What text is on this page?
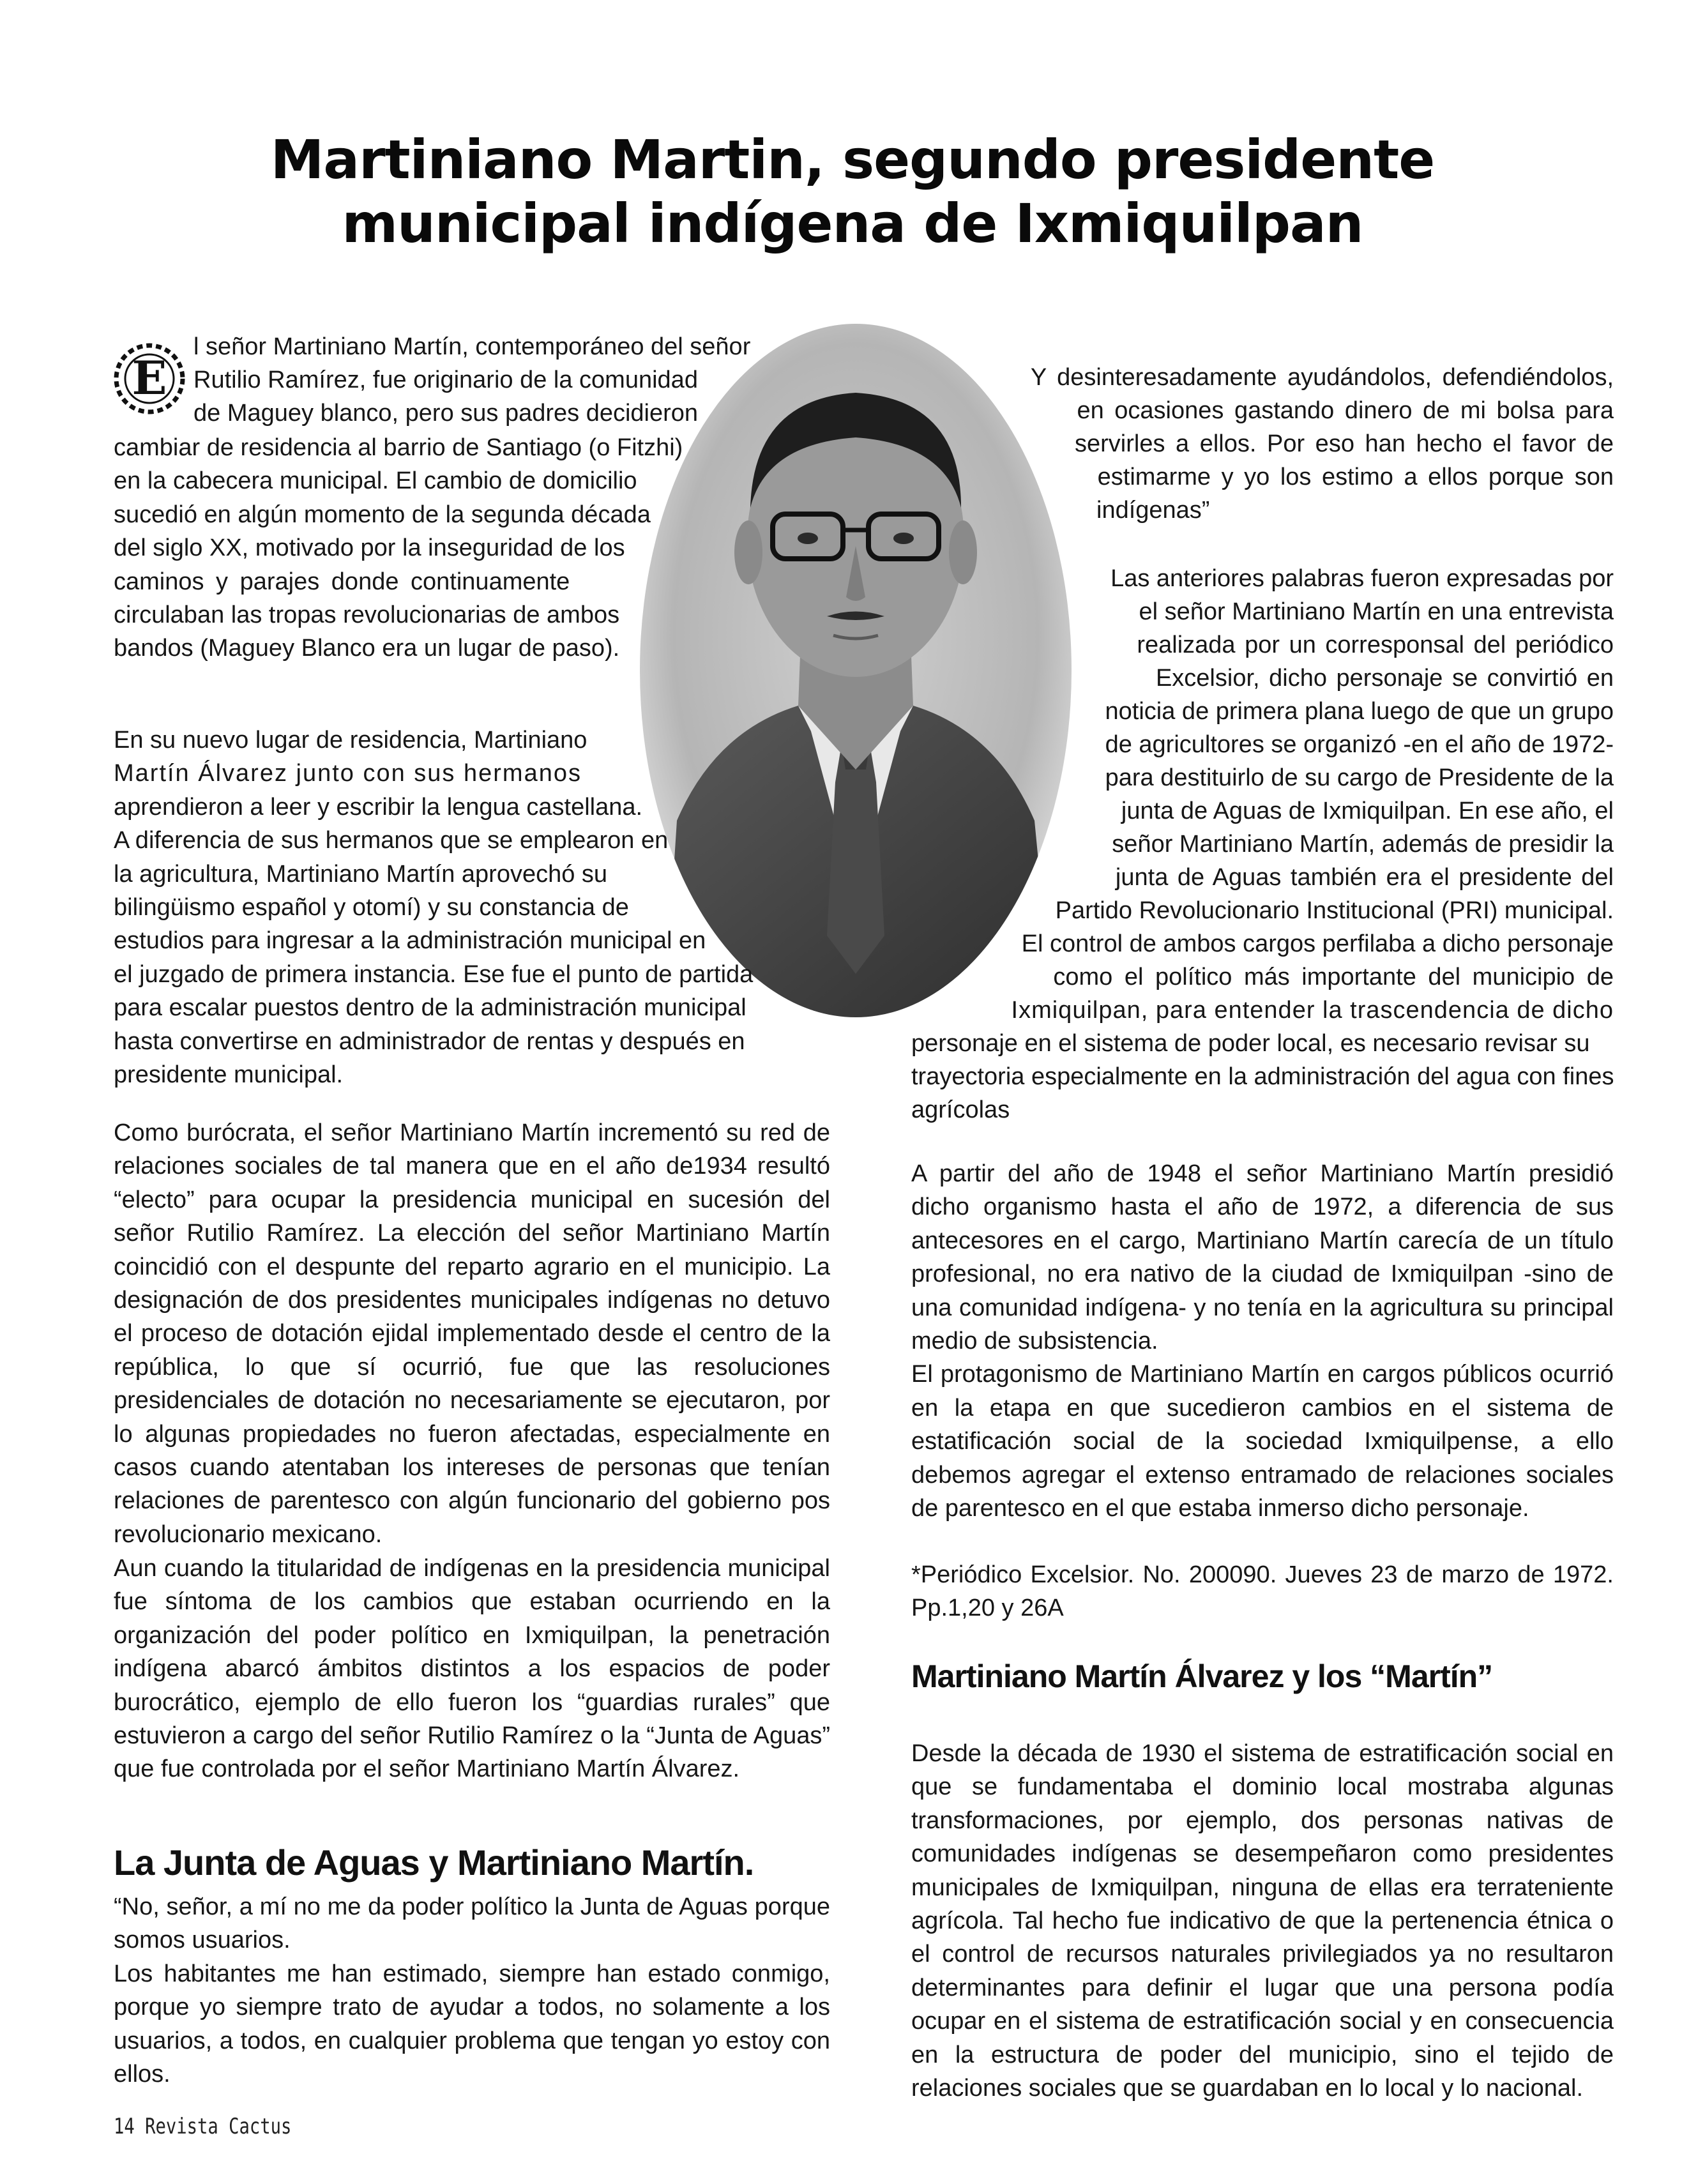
Martiniano Martin, segundo presidente
municipal indígena de Ixmiquilpan
E

l señor Martiniano Martín, contemporáneo del señor

Rutilio Ramírez, fue originario de la comunidad

de Maguey blanco, pero sus padres decidieron

cambiar de residencia al barrio de Santiago (o Fitzhi)

en la cabecera municipal. El cambio de domicilio

sucedió en algún momento de la segunda década

del siglo XX, motivado por la inseguridad de los

caminos y parajes donde continuamente

circulaban las tropas revolucionarias de ambos

bandos (Maguey Blanco era un lugar de paso).

En su nuevo lugar de residencia, Martiniano

Martín Álvarez junto con sus hermanos

aprendieron a leer y escribir la lengua castellana.

A diferencia de sus hermanos que se emplearon en

la agricultura, Martiniano Martín aprovechó su

bilingüismo español y otomí) y su constancia de

estudios para ingresar a la administración municipal en

el juzgado de primera instancia. Ese fue el punto de partida

para escalar puestos dentro de la administración municipal

hasta convertirse en administrador de rentas y después en

presidente municipal.

Como burócrata, el señor Martiniano Martín incrementó su red de relaciones sociales de tal manera que en el año de1934 resultó “electo” para ocupar la presidencia municipal en sucesión del señor Rutilio Ramírez. La elección del señor Martiniano Martín coincidió con el despunte del reparto agrario en el municipio. La designación de dos presidentes municipales indígenas no detuvo el proceso de dotación ejidal implementado desde el centro de la república, lo que sí ocurrió, fue que las resoluciones presidenciales de dotación no necesariamente se ejecutaron, por lo algunas propiedades no fueron afectadas, especialmente en casos cuando atentaban los intereses de personas que tenían relaciones de parentesco con algún funcionario del gobierno pos revolucionario mexicano.

Aun cuando la titularidad de indígenas en la presidencia municipal fue síntoma de los cambios que estaban ocurriendo en la organización del poder político en Ixmiquilpan, la penetración indígena abarcó ámbitos distintos a los espacios de poder burocrático, ejemplo de ello fueron los “guardias rurales” que estuvieron a cargo del señor Rutilio Ramírez o la “Junta de Aguas” que fue controlada por el señor Martiniano Martín Álvarez.

“No, señor, a mí no me da poder político la Junta de Aguas porque somos usuarios.

Los habitantes me han estimado, siempre han estado conmigo, porque yo siempre trato de ayudar a todos, no solamente a los usuarios, a todos, en cualquier problema que tengan yo estoy con ellos.

La Junta de Aguas y Martiniano Martín.

Y desinteresadamente ayudándolos, defendiéndolos,

en ocasiones gastando dinero de mi bolsa para

servirles a ellos. Por eso han hecho el favor de

estimarme y yo los estimo a ellos porque son

indígenas”

Las anteriores palabras fueron expresadas por

el señor Martiniano Martín en una entrevista

realizada por un corresponsal del periódico

Excelsior, dicho personaje se convirtió en

noticia de primera plana luego de que un grupo

de agricultores se organizó -en el año de 1972-

para destituirlo de su cargo de Presidente de la

junta de Aguas de Ixmiquilpan. En ese año, el

señor Martiniano Martín, además de presidir la

junta de Aguas también era el presidente del

Partido Revolucionario Institucional (PRI) municipal.

El control de ambos cargos perfilaba a dicho personaje

como el político más importante del municipio de

Ixmiquilpan, para entender la trascendencia de dicho

personaje en el sistema de poder local, es necesario revisar su

trayectoria especialmente en la administración del agua con fines

agrícolas

A partir del año de 1948 el señor Martiniano Martín presidió dicho organismo hasta el año de 1972, a diferencia de sus antecesores en el cargo, Martiniano Martín carecía de un título profesional, no era nativo de la ciudad de Ixmiquilpan -sino de una comunidad indígena- y no tenía en la agricultura su principal medio de subsistencia.

El protagonismo de Martiniano Martín en cargos públicos ocurrió en la etapa en que sucedieron cambios en el sistema de estatificación social de la sociedad Ixmiquilpense, a ello debemos agregar el extenso entramado de relaciones sociales de parentesco en el que estaba inmerso dicho personaje.

*Periódico Excelsior. No. 200090. Jueves 23 de marzo de 1972. Pp.1,20 y 26A

Desde la década de 1930 el sistema de estratificación social en que se fundamentaba el dominio local mostraba algunas transformaciones, por ejemplo, dos personas nativas de comunidades indígenas se desempeñaron como presidentes municipales de Ixmiquilpan, ninguna de ellas era terrateniente agrícola. Tal hecho fue indicativo de que la pertenencia étnica o el control de recursos naturales privilegiados ya no resultaron determinantes para definir el lugar que una persona podía ocupar en el sistema de estratificación social y en consecuencia en la estructura de poder del municipio, sino el tejido de relaciones sociales que se guardaban en lo local y lo nacional.

Martiniano Martín Álvarez y los “Martín”
14 Revista Cactus
